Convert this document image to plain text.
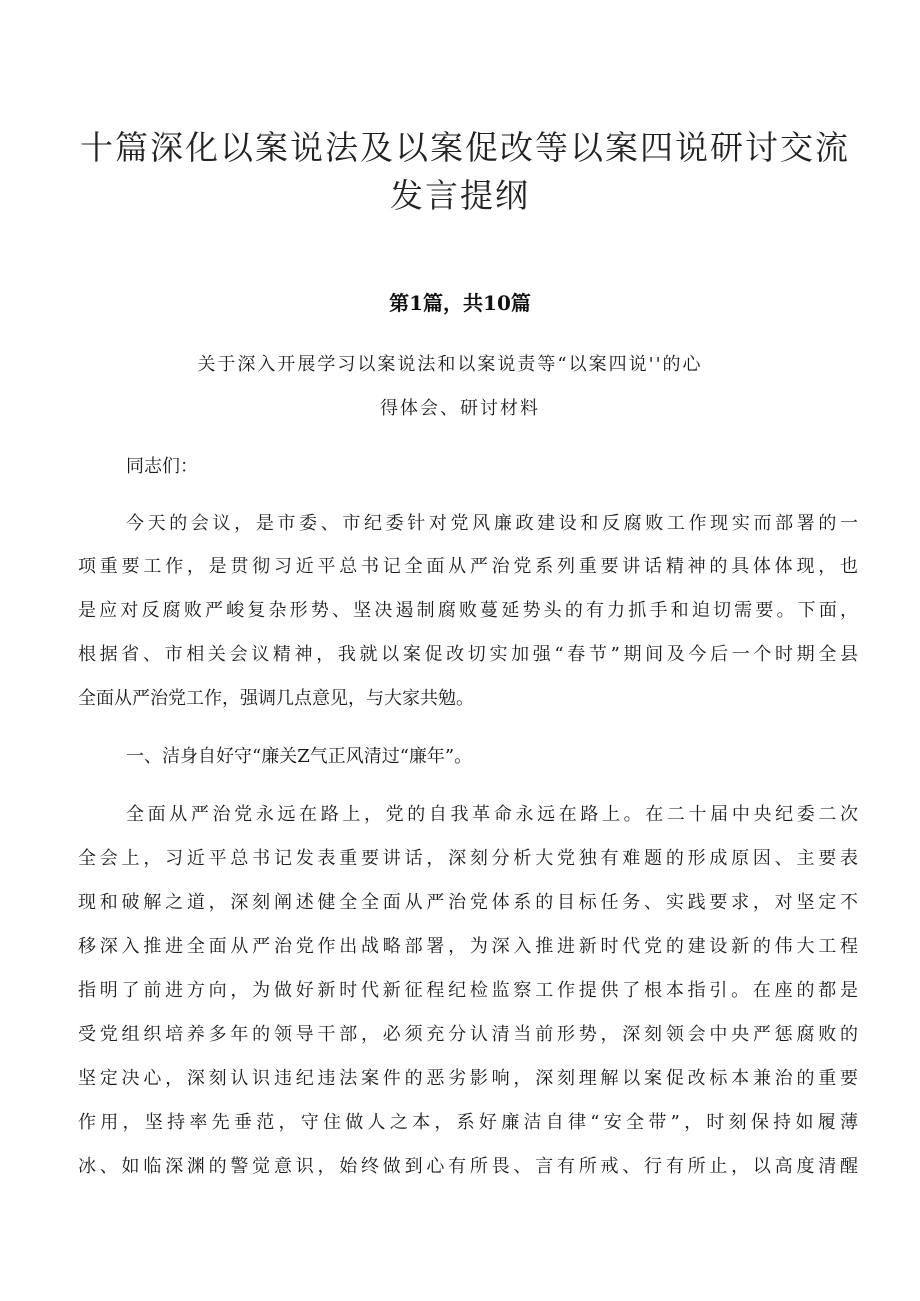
十篇深化以案说法及以案促改等以案四说研讨交流
发言提纲

第1篇，共10篇

关于深入开展学习以案说法和以案说责等“以案四说''的心

得体会、研讨材料

同志们：

今天的会议，是市委、市纪委针对党风廉政建设和反腐败工作现实而部署的一

项重要工作，是贯彻习近平总书记全面从严治党系列重要讲话精神的具体体现，也

是应对反腐败严峻复杂形势、坚决遏制腐败蔓延势头的有力抓手和迫切需要。下面，

根据省、市相关会议精神，我就以案促改切实加强“春节”期间及今后一个时期全县

全面从严治党工作，强调几点意见，与大家共勉。

一、洁身自好守“廉关Z气正风清过“廉年”。

全面从严治党永远在路上，党的自我革命永远在路上。在二十届中央纪委二次

全会上，习近平总书记发表重要讲话，深刻分析大党独有难题的形成原因、主要表

现和破解之道，深刻阐述健全全面从严治党体系的目标任务、实践要求，对坚定不

移深入推进全面从严治党作出战略部署，为深入推进新时代党的建设新的伟大工程

指明了前进方向，为做好新时代新征程纪检监察工作提供了根本指引。在座的都是

受党组织培养多年的领导干部，必须充分认清当前形势，深刻领会中央严惩腐败的

坚定决心，深刻认识违纪违法案件的恶劣影响，深刻理解以案促改标本兼治的重要

作用，坚持率先垂范，守住做人之本，系好廉洁自律“安全带”，时刻保持如履薄

冰、如临深渊的警觉意识，始终做到心有所畏、言有所戒、行有所止，以高度清醒
